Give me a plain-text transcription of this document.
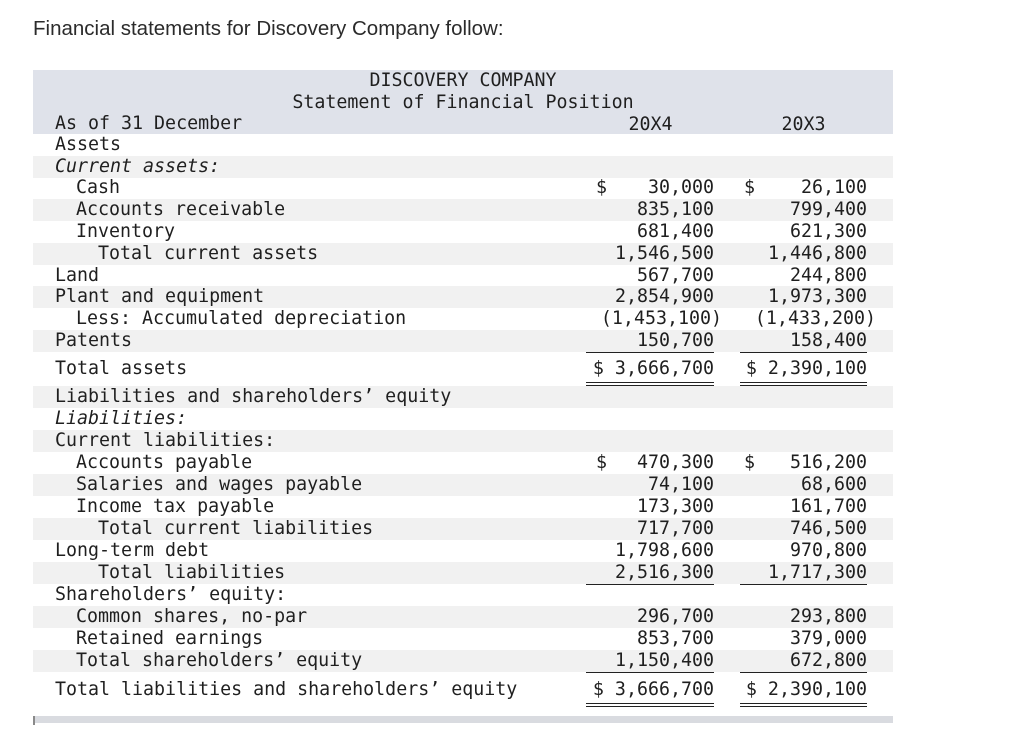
Financial statements for Discovery Company follow:
DISCOVERY COMPANY
Statement of Financial Position
As of 31 December	20X4	20X3
Assets
Current assets:
Cash	$	30,000 $	26,100
Accounts receivable	835,100	799,400
Inventory	681,400	621,300
Total current assets	1,546,500	1,446,800
Land	567,700	244,800
Plant and equipment	2,854,900	1,973,300
Less: Accumulated depreciation	(1,453,100)	(1,433,200)
Patents	150,700	158,400
Total assets	$ 3,666,700	$ 2,390,100
Liabilities and shareholders’ equity
Liabilities:
Current liabilities:
Accounts payable	$	470,300 $	516,200
Salaries and wages payable	74,100	68,600
Income tax payable	173,300	161,700
Total current liabilities	717,700	746,500
Long-term debt	1,798,600	970,800
Total liabilities	2,516,300	1,717,300
Shareholders’ equity:
Common shares, no-par	296,700	293,800
Retained earnings	853,700	379,000
Total shareholders’ equity	1,150,400	672,800
Total liabilities and shareholders’ equity	$ 3,666,700	$ 2,390,100
